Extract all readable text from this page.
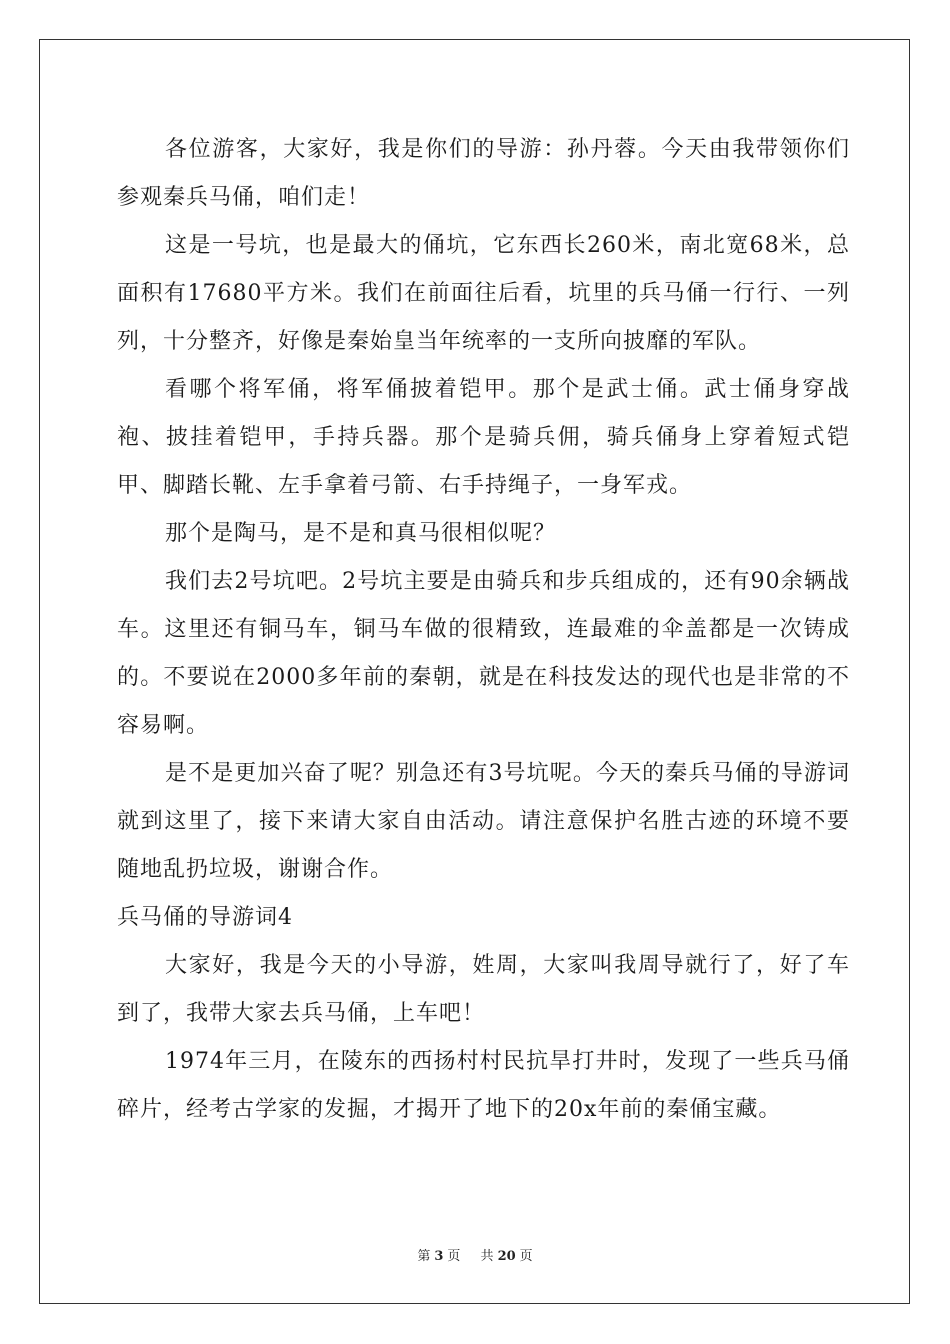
各位游客，大家好，我是你们的导游：孙丹蓉。今天由我带领你们参观秦兵马俑，咱们走！

这是一号坑，也是最大的俑坑，它东西长260米，南北宽68米，总面积有17680平方米。我们在前面往后看，坑里的兵马俑一行行、一列列，十分整齐，好像是秦始皇当年统率的一支所向披靡的军队。

看哪个将军俑，将军俑披着铠甲。那个是武士俑。武士俑身穿战袍、披挂着铠甲，手持兵器。那个是骑兵佣，骑兵俑身上穿着短式铠甲、脚踏长靴、左手拿着弓箭、右手持绳子，一身军戎。

那个是陶马，是不是和真马很相似呢？

我们去2号坑吧。2号坑主要是由骑兵和步兵组成的，还有90余辆战车。这里还有铜马车，铜马车做的很精致，连最难的伞盖都是一次铸成的。不要说在2000多年前的秦朝，就是在科技发达的现代也是非常的不容易啊。

是不是更加兴奋了呢？别急还有3号坑呢。今天的秦兵马俑的导游词就到这里了，接下来请大家自由活动。请注意保护名胜古迹的环境不要随地乱扔垃圾，谢谢合作。

兵马俑的导游词4

大家好，我是今天的小导游，姓周，大家叫我周导就行了，好了车到了，我带大家去兵马俑，上车吧！

1974年三月，在陵东的西扬村村民抗旱打井时，发现了一些兵马俑碎片，经考古学家的发掘，才揭开了地下的20x年前的秦俑宝藏。

第 3 页 共 20 页
